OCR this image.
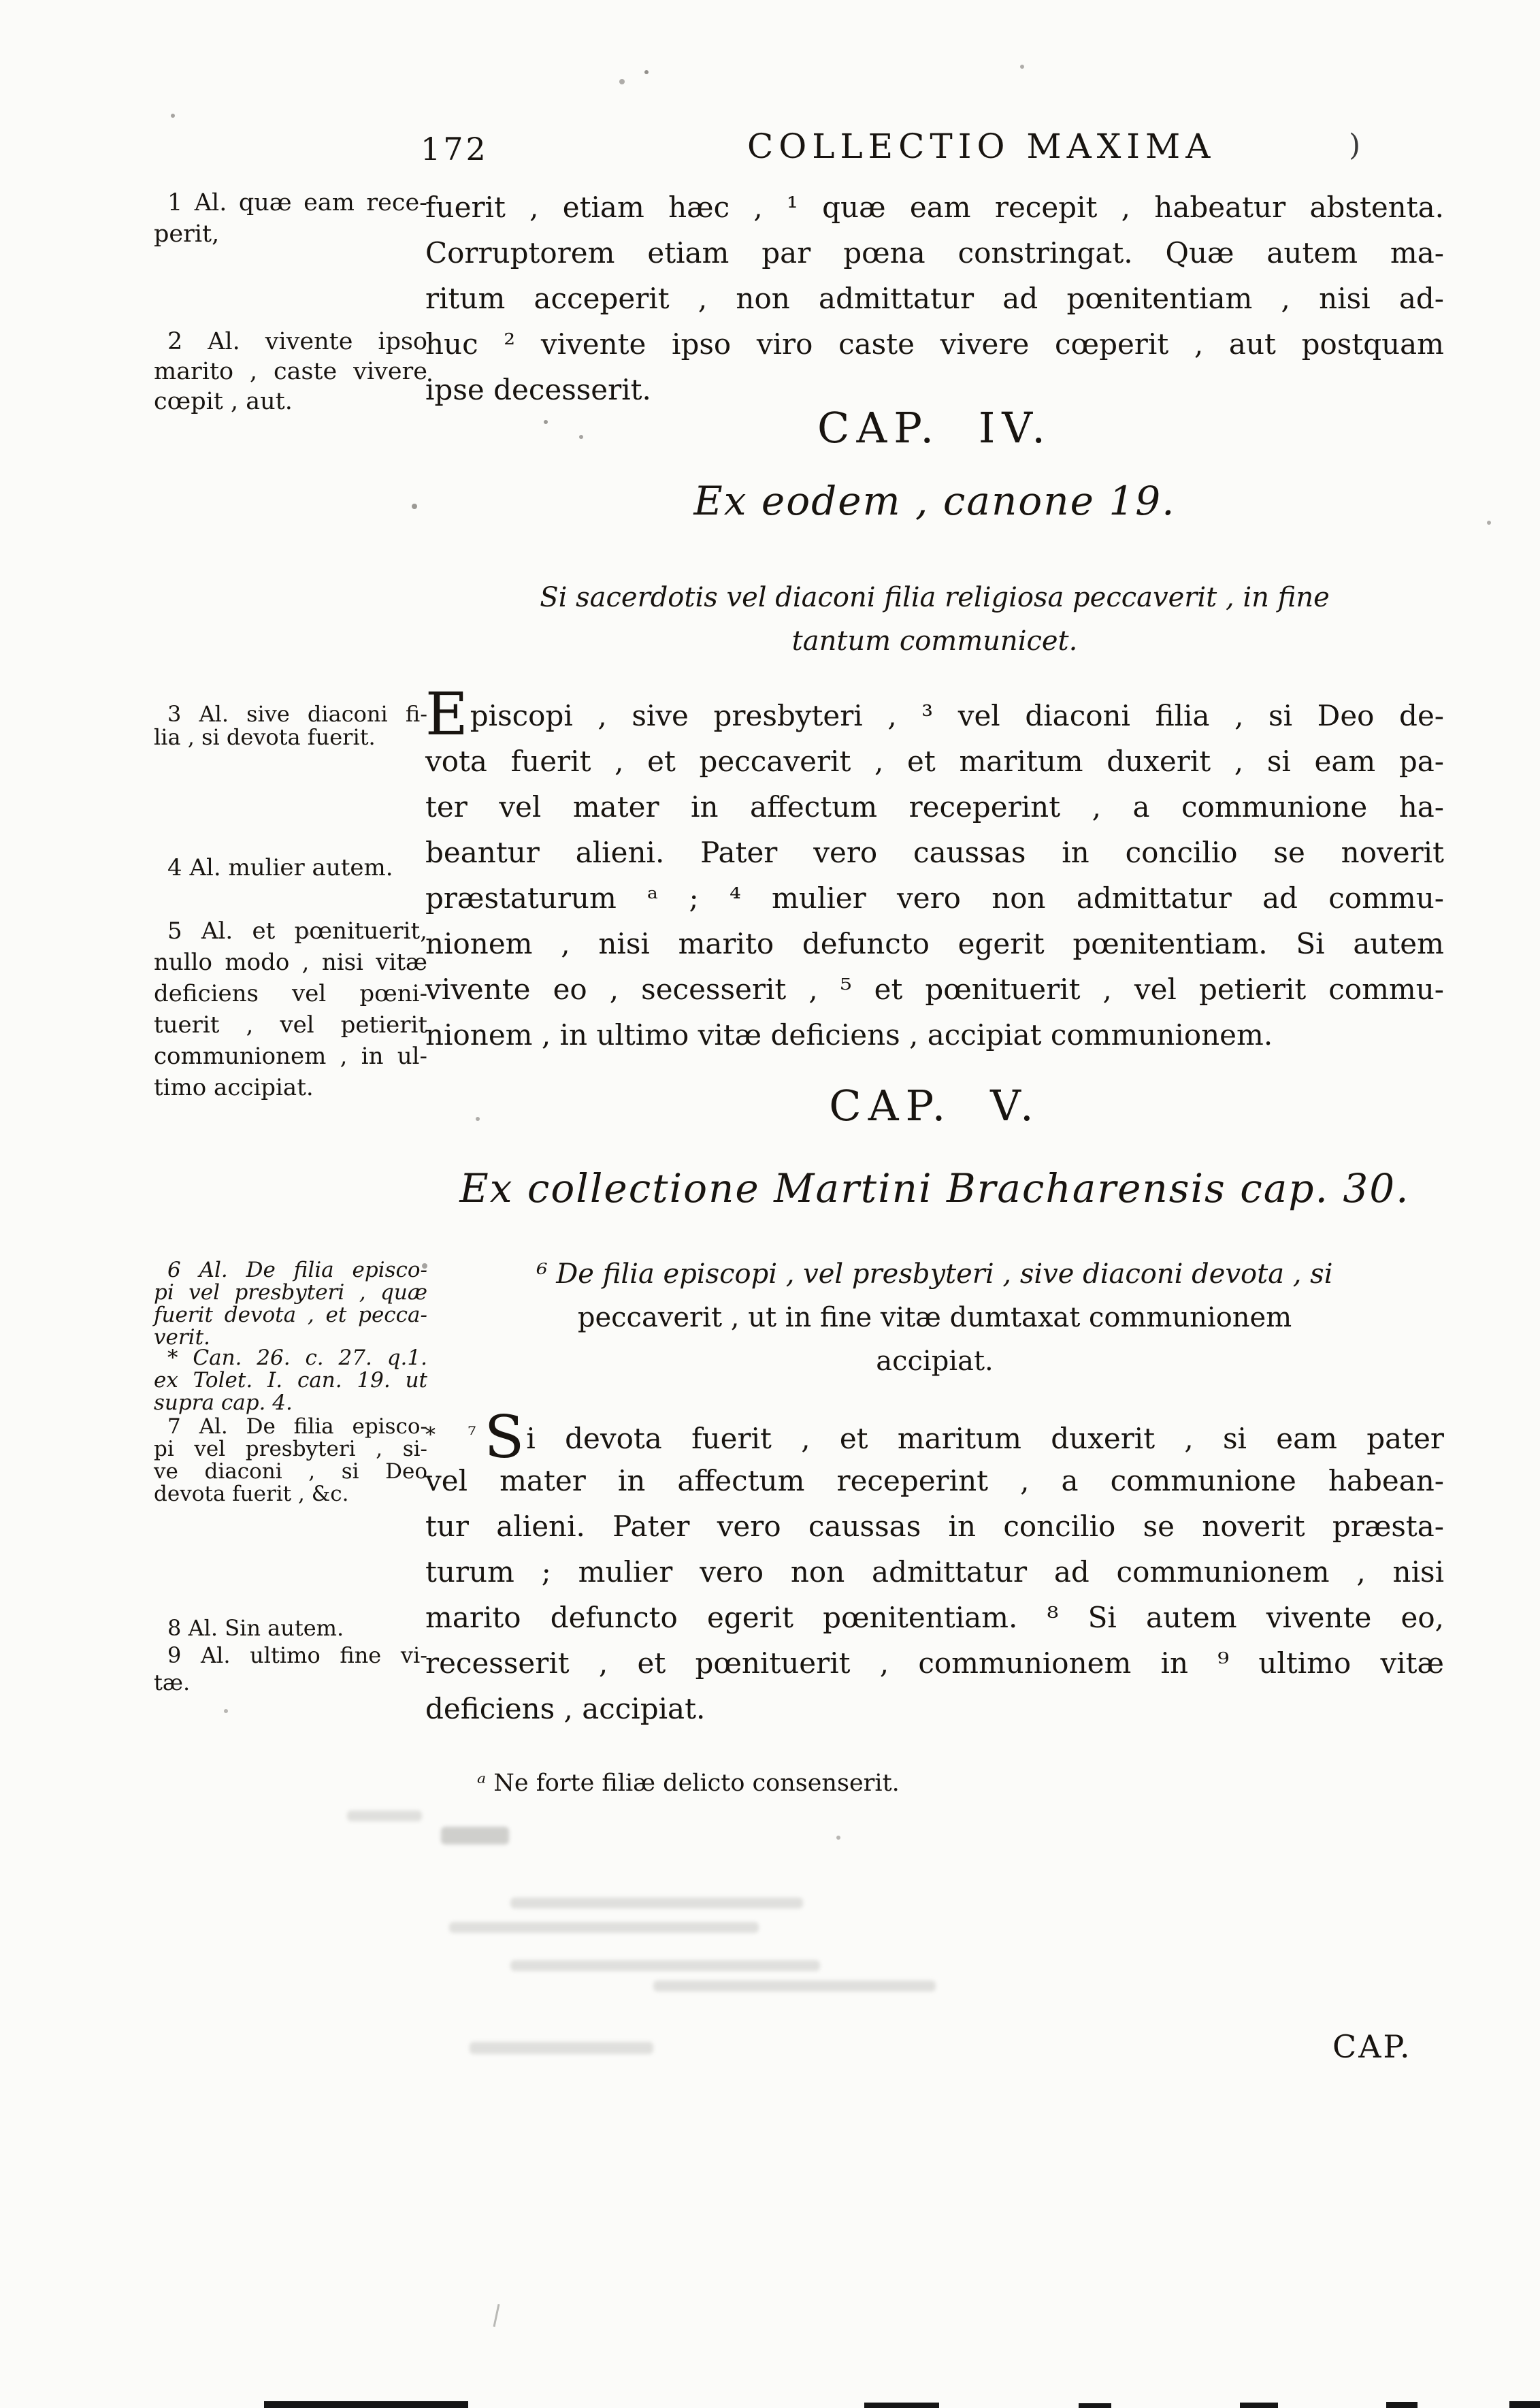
172	COLLECTIO MAXIMA	)
1 Al. quæ eam rece-
perit,
2 Al. vivente ipso
marito , caste vivere
cœpit , aut.
3 Al. sive diaconi fi-
lia , si devota fuerit.
4 Al. mulier autem.
5 Al. et pœnituerit,
nullo modo , nisi vitæ
deficiens vel pœni-
tuerit , vel petierit
communionem , in ul-
timo accipiat.
6 Al. De filia episco-
pi vel presbyteri , quæ
fuerit devota , et pecca-
verit.
* Can. 26. c. 27. q.1.
ex Tolet. I. can. 19. ut
supra cap. 4.
7 Al. De filia episco-
pi vel presbyteri , si-
ve diaconi , si Deo
devota fuerit , &c.
8 Al. Sin autem.
9 Al. ultimo fine vi-
tæ.
fuerit , etiam hæc , ¹ quæ eam recepit , habeatur abstenta.
Corruptorem etiam par pœna constringat. Quæ autem ma-
ritum acceperit , non admittatur ad pœnitentiam , nisi ad-
huc ² vivente ipso viro caste vivere cœperit , aut postquam
ipse decesserit.
CAP. IV.
Ex eodem , canone 19.
Si sacerdotis vel diaconi filia religiosa peccaverit , in fine
tantum communicet.
Episcopi , sive presbyteri , ³ vel diaconi filia , si Deo de-
vota fuerit , et peccaverit , et maritum duxerit , si eam pa-
ter vel mater in affectum receperint , a communione ha-
beantur alieni. Pater vero caussas in concilio se noverit
præstaturum ᵃ ; ⁴ mulier vero non admittatur ad commu-
nionem , nisi marito defuncto egerit pœnitentiam. Si autem
vivente eo , secesserit , ⁵ et pœnituerit , vel petierit commu-
nionem , in ultimo vitæ deficiens , accipiat communionem.
CAP. V.
Ex collectione Martini Bracharensis cap. 30.
⁶ De filia episcopi , vel presbyteri , sive diaconi devota , si
peccaverit , ut in fine vitæ dumtaxat communionem
accipiat.
$^{* ^7}$Si devota fuerit , et maritum duxerit , si eam pater
vel mater in affectum receperint , a communione habean-
tur alieni. Pater vero caussas in concilio se noverit præsta-
turum ; mulier vero non admittatur ad communionem , nisi
marito defuncto egerit pœnitentiam. ⁸ Si autem vivente eo,
recesserit , et pœnituerit , communionem in ⁹ ultimo vitæ
deficiens , accipiat.
ᵃ Ne forte filiæ delicto consenserit.
CAP.
